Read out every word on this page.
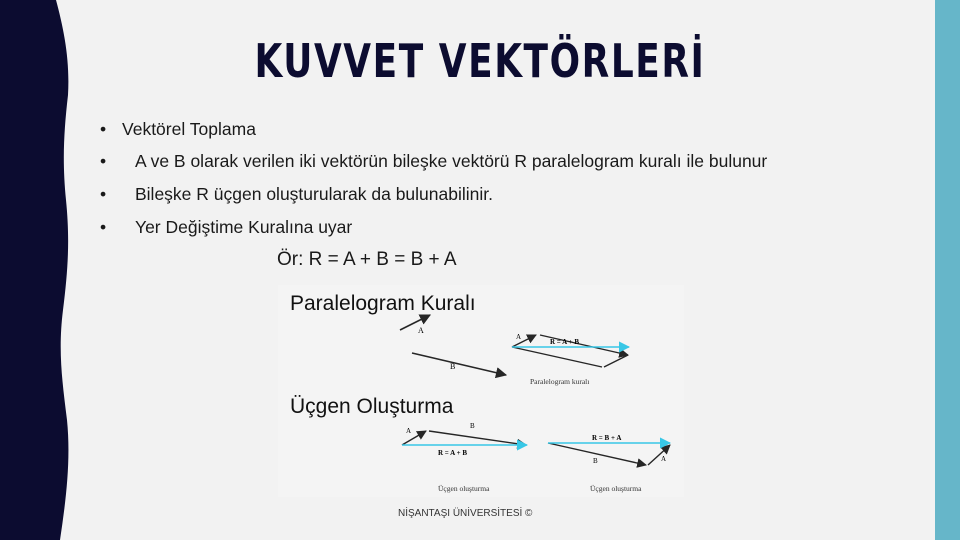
KUVVET VEKTÖRLERİ
• Vektörel Toplama
• A ve B olarak verilen iki vektörün bileşke vektörü R paralelogram kuralı ile bulunur
• Bileşke R üçgen oluşturularak da bulunabilinir.
• Yer Değiştime Kuralına uyar
Ör: R = A + B = B + A
Paralelogram Kuralı
A
B
A
R = A + B
Paralelogram kuralı
Üçgen Oluşturma
A
B
R = A + B
Üçgen oluşturma
R = B + A
B	A
Üçgen oluşturma
NİŞANTAŞI ÜNİVERSİTESİ ©
